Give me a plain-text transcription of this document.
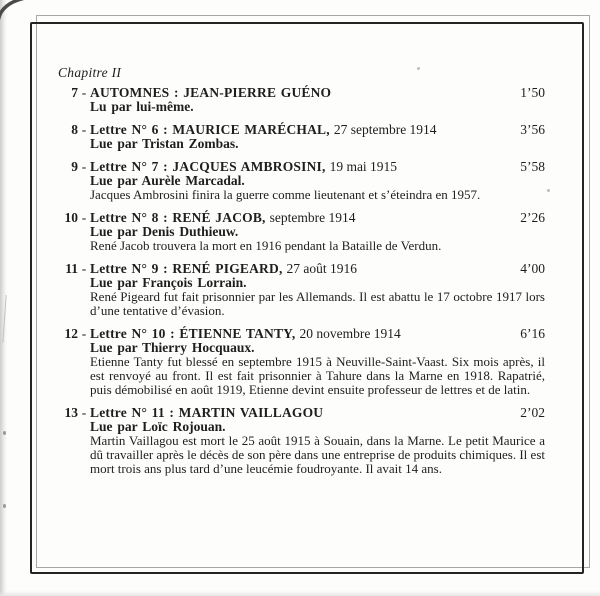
Chapitre II
7 - AUTOMNES : JEAN-PIERRE GUÉNO	1’50
Lu par lui-même.
8 - Lettre N° 6 : MAURICE MARÉCHAL, 27 septembre 1914	3’56
Lue par Tristan Zombas.
9 - Lettre N° 7 : JACQUES AMBROSINI, 19 mai 1915	5’58
Lue par Aurèle Marcadal.
Jacques Ambrosini finira la guerre comme lieutenant et s’éteindra en 1957.
10 - Lettre N° 8 : RENÉ JACOB, septembre 1914	2’26
Lue par Denis Duthieuw.
René Jacob trouvera la mort en 1916 pendant la Bataille de Verdun.
11 - Lettre N° 9 : RENÉ PIGEARD, 27 août 1916	4’00
Lue par François Lorrain.
René Pigeard fut fait prisonnier par les Allemands. Il est abattu le 17 octobre 1917 lors d’une tentative d’évasion.
12 - Lettre N° 10 : ÉTIENNE TANTY, 20 novembre 1914	6’16
Lue par Thierry Hocquaux.
Etienne Tanty fut blessé en septembre 1915 à Neuville-Saint-Vaast. Six mois après, il est renvoyé au front. Il est fait prisonnier à Tahure dans la Marne en 1918. Rapatrié, puis démobilisé en août 1919, Etienne devint ensuite professeur de lettres et de latin.
13 - Lettre N° 11 : MARTIN VAILLAGOU	2’02
Lue par Loïc Rojouan.
Martin Vaillagou est mort le 25 août 1915 à Souain, dans la Marne. Le petit Maurice a dû travailler après le décès de son père dans une entreprise de produits chimiques. Il est mort trois ans plus tard d’une leucémie foudroyante. Il avait 14 ans.
